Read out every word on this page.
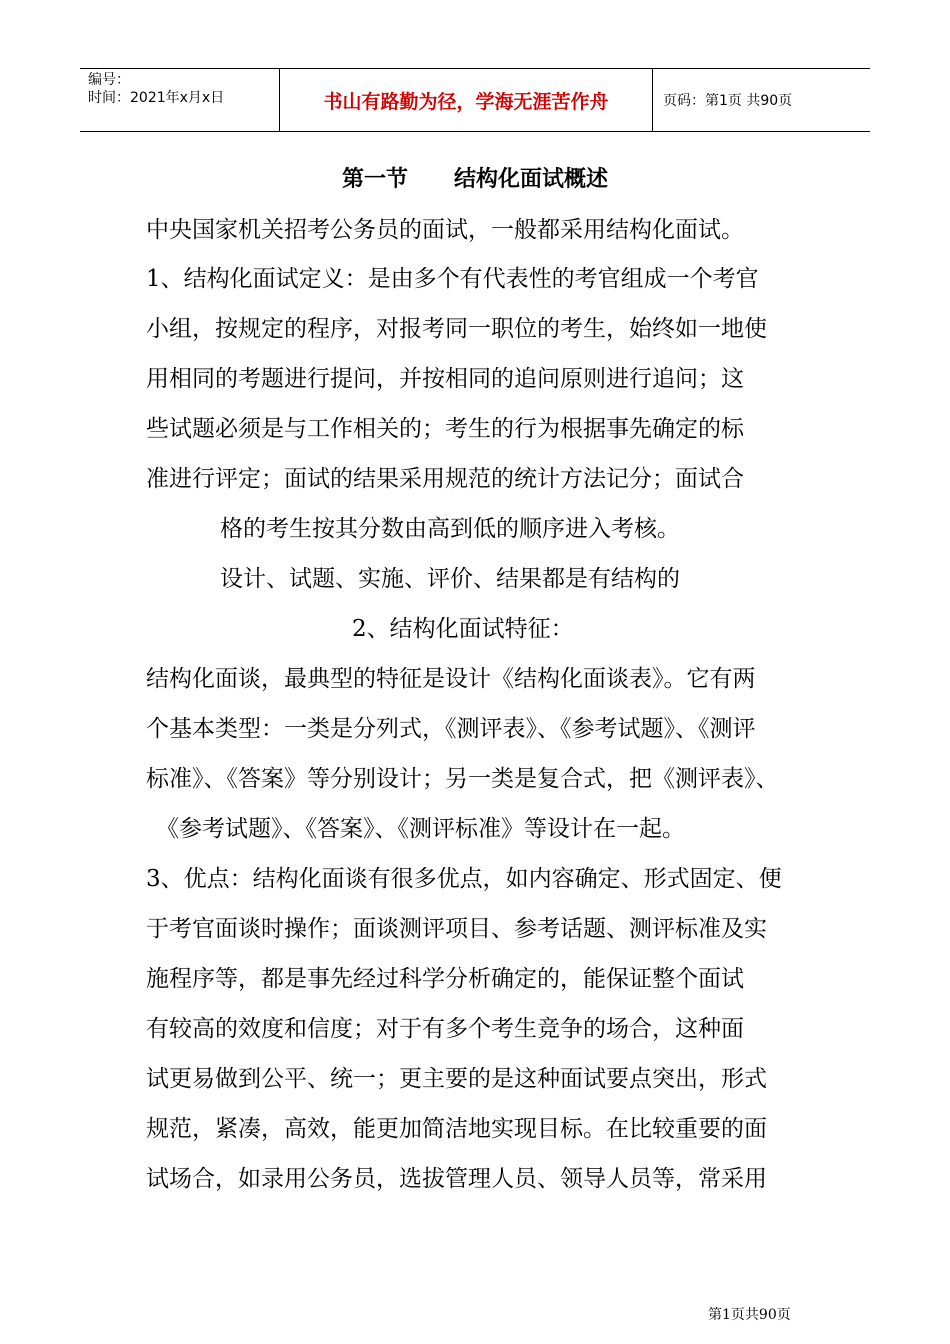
编号：
时间：2021年x月x日	书山有路勤为径，学海无涯苦作舟	页码：第1页 共90页
第一节      结构化面试概述
中央国家机关招考公务员的面试，一般都采用结构化面试。
1、结构化面试定义：是由多个有代表性的考官组成一个考官
小组，按规定的程序，对报考同一职位的考生，始终如一地使
用相同的考题进行提问，并按相同的追问原则进行追问；这
些试题必须是与工作相关的；考生的行为根据事先确定的标
准进行评定；面试的结果采用规范的统计方法记分；面试合
格的考生按其分数由高到低的顺序进入考核。
设计、试题、实施、评价、结果都是有结构的
2、结构化面试特征：
结构化面谈，最典型的特征是设计《结构化面谈表》。它有两
个基本类型：一类是分列式，《测评表》、《参考试题》、《测评
标准》、《答案》等分别设计；另一类是复合式，把《测评表》、
《参考试题》、《答案》、《测评标准》等设计在一起。
3、优点：结构化面谈有很多优点，如内容确定、形式固定、便
于考官面谈时操作；面谈测评项目、参考话题、测评标准及实
施程序等，都是事先经过科学分析确定的，能保证整个面试
有较高的效度和信度；对于有多个考生竞争的场合，这种面
试更易做到公平、统一；更主要的是这种面试要点突出，形式
规范，紧凑，高效，能更加简洁地实现目标。在比较重要的面
试场合，如录用公务员，选拔管理人员、领导人员等，常采用
第1页共90页
